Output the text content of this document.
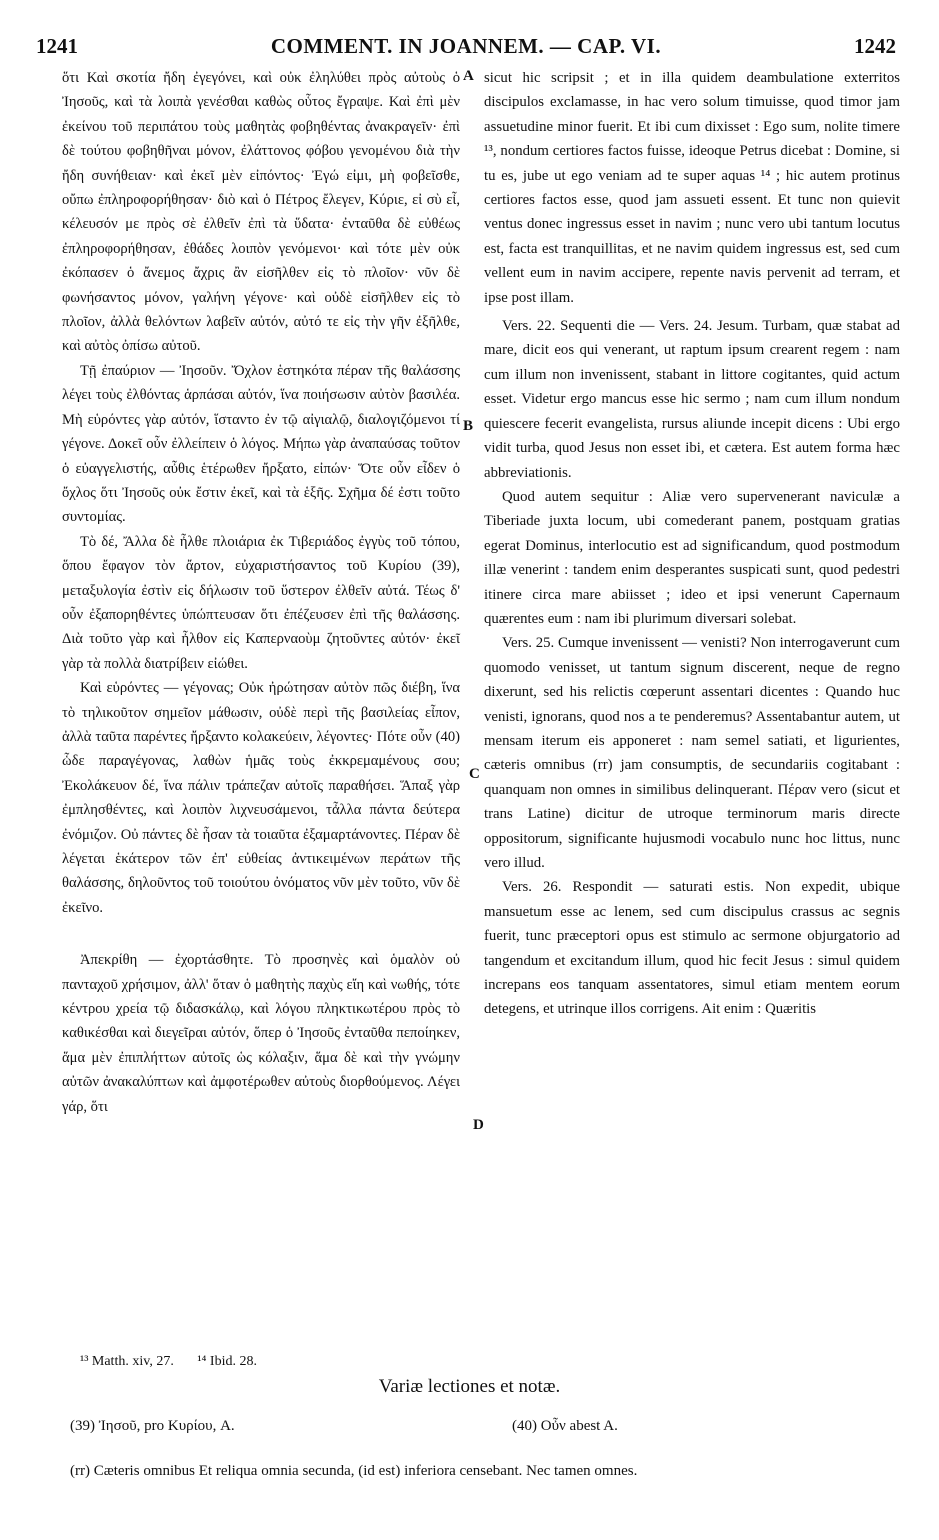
1241	COMMENT. IN JOANNEM. — CAP. VI.	1242

ὅτι Καὶ σκοτία ἤδη ἐγεγόνει, καὶ οὐκ ἐληλύθει πρὸς αὐτοὺς ὁ Ἰησοῦς, καὶ τὰ λοιπὰ γενέσθαι καθὼς οὗτος ἔγραψε. Καὶ ἐπὶ μὲν ἐκείνου τοῦ περιπάτου τοὺς μαθητὰς φοβηθέντας ἀνακραγεῖν· ἐπὶ δὲ τούτου φοβηθῆναι μόνον, ἐλάττονος φόβου γενομένου διὰ τὴν ἤδη συνήθειαν· καὶ ἐκεῖ μὲν εἰπόντος· Ἐγώ εἰμι, μὴ φοβεῖσθε, οὔπω ἐπληροφορήθησαν· διὸ καὶ ὁ Πέτρος ἔλεγεν, Κύριε, εἰ σὺ εἶ, κέλευσόν με πρὸς σὲ ἐλθεῖν ἐπὶ τὰ ὕδατα· ἐνταῦθα δὲ εὐθέως ἐπληροφορήθησαν, ἐθάδες λοιπὸν γενόμενοι· καὶ τότε μὲν οὐκ ἐκόπασεν ὁ ἄνεμος ἄχρις ἂν εἰσῆλθεν εἰς τὸ πλοῖον· νῦν δὲ φωνήσαντος μόνον, γαλήνη γέγονε· καὶ οὐδὲ εἰσῆλθεν εἰς τὸ πλοῖον, ἀλλὰ θελόντων λαβεῖν αὐτόν, αὐτό τε εἰς τὴν γῆν ἐξῆλθε, καὶ αὐτὸς ὀπίσω αὐτοῦ.

Τῇ ἐπαύριον — Ἰησοῦν. Ὄχλον ἑστηκότα πέραν τῆς θαλάσσης λέγει τοὺς ἐλθόντας ἁρπάσαι αὐτόν, ἵνα ποιήσωσιν αὐτὸν βασιλέα. Μὴ εὑρόντες γὰρ αὐτόν, ἵσταντο ἐν τῷ αἰγιαλῷ, διαλογιζόμενοι τί γέγονε. Δοκεῖ οὖν ἐλλείπειν ὁ λόγος. Μήπω γὰρ ἀναπαύσας τοῦτον ὁ εὐαγγελιστής, αὖθις ἑτέρωθεν ἤρξατο, εἰπών· Ὅτε οὖν εἶδεν ὁ ὄχλος ὅτι Ἰησοῦς οὐκ ἔστιν ἐκεῖ, καὶ τὰ ἑξῆς. Σχῆμα δέ ἐστι τοῦτο συντομίας.

Τὸ δέ, Ἄλλα δὲ ἦλθε πλοιάρια ἐκ Τιβεριάδος ἐγγὺς τοῦ τόπου, ὅπου ἔφαγον τὸν ἄρτον, εὐχαριστήσαντος τοῦ Κυρίου (39), μεταξυλογία ἐστὶν εἰς δήλωσιν τοῦ ὕστερον ἐλθεῖν αὐτά. Τέως δ' οὖν ἐξαπορηθέντες ὑπώπτευσαν ὅτι ἐπέζευσεν ἐπὶ τῆς θαλάσσης. Διὰ τοῦτο γὰρ καὶ ἦλθον εἰς Καπερναοὺμ ζητοῦντες αὐτόν· ἐκεῖ γὰρ τὰ πολλὰ διατρίβειν εἰώθει.

Καὶ εὑρόντες — γέγονας; Οὐκ ἠρώτησαν αὐτὸν πῶς διέβη, ἵνα τὸ τηλικοῦτον σημεῖον μάθωσιν, οὐδὲ περὶ τῆς βασιλείας εἶπον, ἀλλὰ ταῦτα παρέντες ἤρξαντο κολακεύειν, λέγοντες· Πότε οὖν (40) ὧδε παραγέγονας, λαθὼν ἡμᾶς τοὺς ἐκκρεμαμένους σου; Ἐκολάκευον δέ, ἵνα πάλιν τράπεζαν αὐτοῖς παραθήσει. Ἅπαξ γὰρ ἐμπλησθέντες, καὶ λοιπὸν λιχνευσάμενοι, τἆλλα πάντα δεύτερα ἐνόμιζον. Οὐ πάντες δὲ ἦσαν τὰ τοιαῦτα ἐξαμαρτάνοντες. Πέραν δὲ λέγεται ἑκάτερον τῶν ἐπ' εὐθείας ἀντικειμένων περάτων τῆς θαλάσσης, δηλοῦντος τοῦ τοιούτου ὀνόματος νῦν μὲν τοῦτο, νῦν δὲ ἐκεῖνο.

Ἀπεκρίθη — ἐχορτάσθητε. Τὸ προσηνὲς καὶ ὁμαλὸν οὐ πανταχοῦ χρήσιμον, ἀλλ' ὅταν ὁ μαθητὴς παχὺς εἴη καὶ νωθής, τότε κέντρου χρεία τῷ διδασκάλῳ, καὶ λόγου πληκτικωτέρου πρὸς τὸ καθικέσθαι καὶ διεγεῖραι αὐτόν, ὅπερ ὁ Ἰησοῦς ἐνταῦθα πεποίηκεν, ἅμα μὲν ἐπιπλήττων αὐτοῖς ὡς κόλαξιν, ἅμα δὲ καὶ τὴν γνώμην αὐτῶν ἀνακαλύπτων καὶ ἀμφοτέρωθεν αὐτοὺς διορθούμενος. Λέγει γάρ, ὅτι

sicut hic scripsit ; et in illa quidem deambulatione exterritos discipulos exclamasse, in hac vero solum timuisse, quod timor jam assuetudine minor fuerit. Et ibi cum dixisset : Ego sum, nolite timere ¹³, nondum certiores factos fuisse, ideoque Petrus dicebat : Domine, si tu es, jube ut ego veniam ad te super aquas ¹⁴ ; hic autem protinus certiores factos esse, quod jam assueti essent. Et tunc non quievit ventus donec ingressus esset in navim ; nunc vero ubi tantum locutus est, facta est tranquillitas, et ne navim quidem ingressus est, sed cum vellent eum in navim accipere, repente navis pervenit ad terram, et ipse post illam.

Vers. 22. Sequenti die — Vers. 24. Jesum. Turbam, quæ stabat ad mare, dicit eos qui venerant, ut raptum ipsum crearent regem : nam cum illum non invenissent, stabant in littore cogitantes, quid actum esset. Videtur ergo mancus esse hic sermo ; nam cum illum nondum quiescere fecerit evangelista, rursus aliunde incepit dicens : Ubi ergo vidit turba, quod Jesus non esset ibi, et cætera. Est autem forma hæc abbreviationis.

Quod autem sequitur : Aliæ vero supervenerant naviculæ a Tiberiade juxta locum, ubi comederant panem, postquam gratias egerat Dominus, interlocutio est ad significandum, quod postmodum illæ venerint : tandem enim desperantes suspicati sunt, quod pedestri itinere circa mare abiisset ; ideo et ipsi venerunt Capernaum quærentes eum : nam ibi plurimum diversari solebat.

Vers. 25. Cumque invenissent — venisti? Non interrogaverunt cum quomodo venisset, ut tantum signum discerent, neque de regno dixerunt, sed his relictis cœperunt assentari dicentes : Quando huc venisti, ignorans, quod nos a te penderemus? Assentabantur autem, ut mensam iterum eis apponeret : nam semel satiati, et ligurientes, cæteris omnibus (rr) jam consumptis, de secundariis cogitabant : quanquam non omnes in similibus delinquerant. Πέραν vero (sicut et trans Latine) dicitur de utroque terminorum maris directe oppositorum, significante hujusmodi vocabulo nunc hoc littus, nunc vero illud.

Vers. 26. Respondit — saturati estis. Non expedit, ubique mansuetum esse ac lenem, sed cum discipulus crassus ac segnis fuerit, tunc præceptori opus est stimulo ac sermone objurgatorio ad tangendum et excitandum illum, quod hic fecit Jesus : simul quidem increpans eos tanquam assentatores, simul etiam mentem eorum detegens, et utrinque illos corrigens. Ait enim : Quæritis

A
B
C
D
¹³ Matth. xiv, 27. ¹⁴ Ibid. 28.
Variæ lectiones et notæ.
(39) Ἰησοῦ, pro Κυρίου, A.	(40) Οὖν abest A.
(rr) Cæteris omnibus Et reliqua omnia secunda, (id est) inferiora censebant. Nec tamen omnes.
